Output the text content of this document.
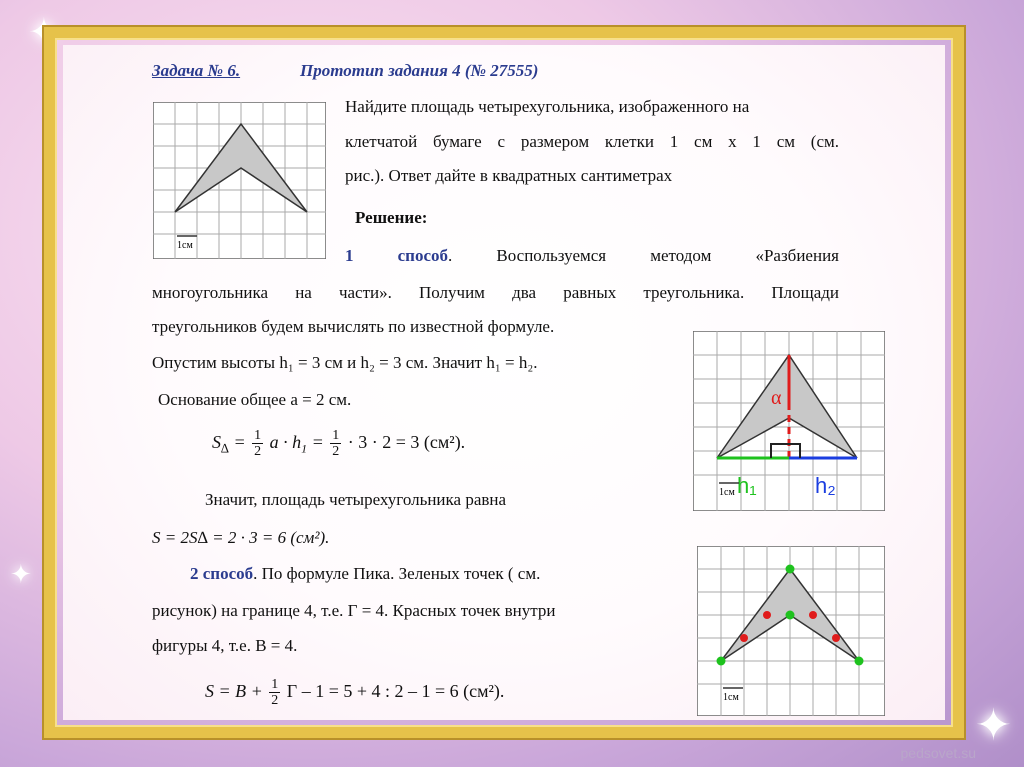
✦
✦
✦
Задача № 6.	Прототип задания 4 (№ 27555)
1см
Найдите площадь четырехугольника, изображенного на
клетчатой бумаге с размером клетки 1 см х 1 см (см.
рис.). Ответ дайте в квадратных сантиметрах
Решение:
1 способ. Воспользуемся методом «Разбиения
многоугольника на части». Получим два равных треугольника. Площади
треугольников будем вычислять по известной формуле.
Опустим высоты h₁ = 3 см и h₂ = 3 см. Значит h₁ = h₂.
Основание общее а = 2 см.
$S_\Delta = \frac{1}{2}$ $a \cdot h_1 = \frac{1}{2} \cdot 3 \cdot 2 = 3$ (см²).
Значит, площадь четырехугольника равна
S = 2S∆ = 2 · 3 = 6 (см²).
α
h₁	h₂
1см
2 способ. По формуле Пика. Зеленых точек ( см.
рисунок) на границе 4, т.е. Г = 4. Красных точек внутри
фигуры 4, т.е. В = 4.
$S = В + \frac{1}{2}$ Г – 1 = 5 + 4 : 2 – 1 = 6 (см²).	1см
pedsovet.su
